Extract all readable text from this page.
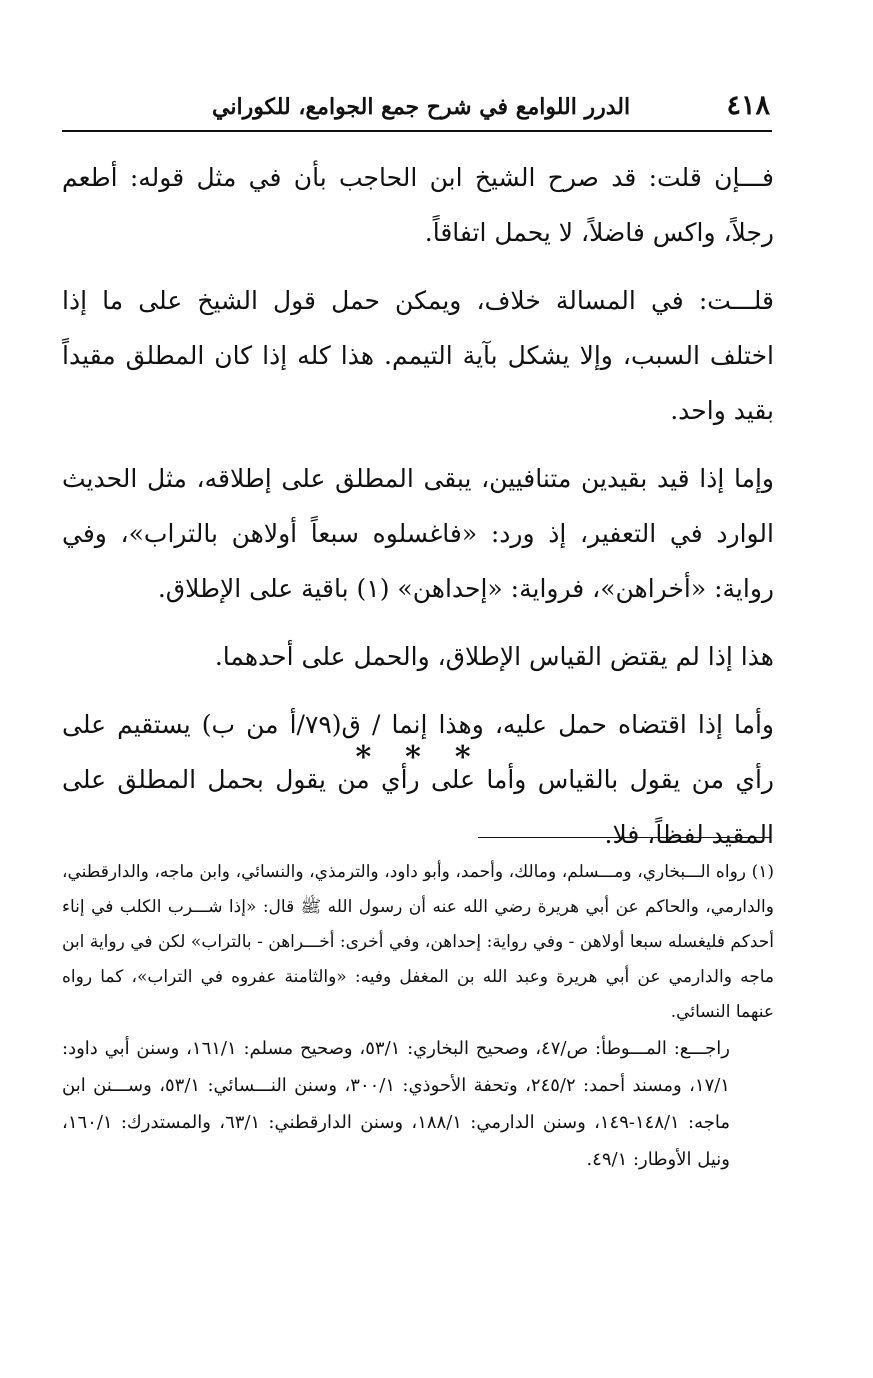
٤١٨
الدرر اللوامع في شرح جمع الجوامع، للكوراني

فـــإن قلت: قد صرح الشيخ ابن الحاجب بأن في مثل قوله: أطعم رجلاً، واكس فاضلاً، لا يحمل اتفاقاً.

قلـــت: في المسالة خلاف، ويمكن حمل قول الشيخ على ما إذا اختلف السبب، وإلا يشكل بآية التيمم. هذا كله إذا كان المطلق مقيداً بقيد واحد.

وإما إذا قيد بقيدين متنافيين، يبقى المطلق على إطلاقه، مثل الحديث الوارد في التعفير، إذ ورد: «فاغسلوه سبعاً أولاهن بالتراب»، وفي رواية: «أخراهن»، فرواية: «إحداهن» (١) باقية على الإطلاق.

هذا إذا لم يقتض القياس الإطلاق، والحمل على أحدهما.

وأما إذا اقتضاه حمل عليه، وهذا إنما / ق(٧٩/أ من ب) يستقيم على رأي من يقول بالقياس وأما على رأي من يقول بحمل المطلق على المقيد لفظاً، فلا.

***

(١) رواه الـــبخاري، ومـــسلم، ومالك، وأحمد، وأبو داود، والترمذي، والنسائي، وابن ماجه، والدارقطني، والدارمي، والحاكم عن أبي هريرة رضي الله عنه أن رسول الله ﷺ قال: «إذا شـــرب الكلب في إناء أحدكم فليغسله سبعا أولاهن - وفي رواية: إحداهن، وفي أخرى: أخـــراهن - بالتراب» لكن في رواية ابن ماجه والدارمي عن أبي هريرة وعبد الله بن المغفل وفيه: «والثامنة عفروه في التراب»، كما رواه عنهما النسائي.

راجـــع: المـــوطأ: ص/٤٧، وصحيح البخاري: ٥٣/١، وصحيح مسلم: ١٦١/١، وسنن أبي داود: ١٧/١، ومسند أحمد: ٢٤٥/٢، وتحفة الأحوذي: ٣٠٠/١، وسنن النـــسائي: ٥٣/١، وســـنن ابن ماجه: ١٤٨/١-١٤٩، وسنن الدارمي: ١٨٨/١، وسنن الدارقطني: ٦٣/١، والمستدرك: ١٦٠/١، ونيل الأوطار: ٤٩/١.
